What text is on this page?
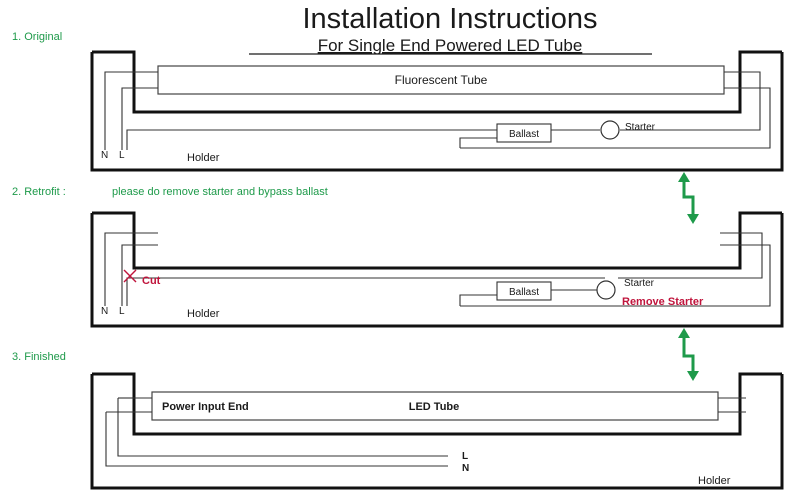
Installation Instructions
For Single End Powered LED Tube
1. Original
Fluorescent Tube
Ballast
Starter
N L	Holder
2. Retrofit :	please do remove starter and bypass ballast
Cut
Ballast
Starter
Remove Starter
N L	Holder
3. Finished
Power Input End	LED Tube
L
N
Holder
